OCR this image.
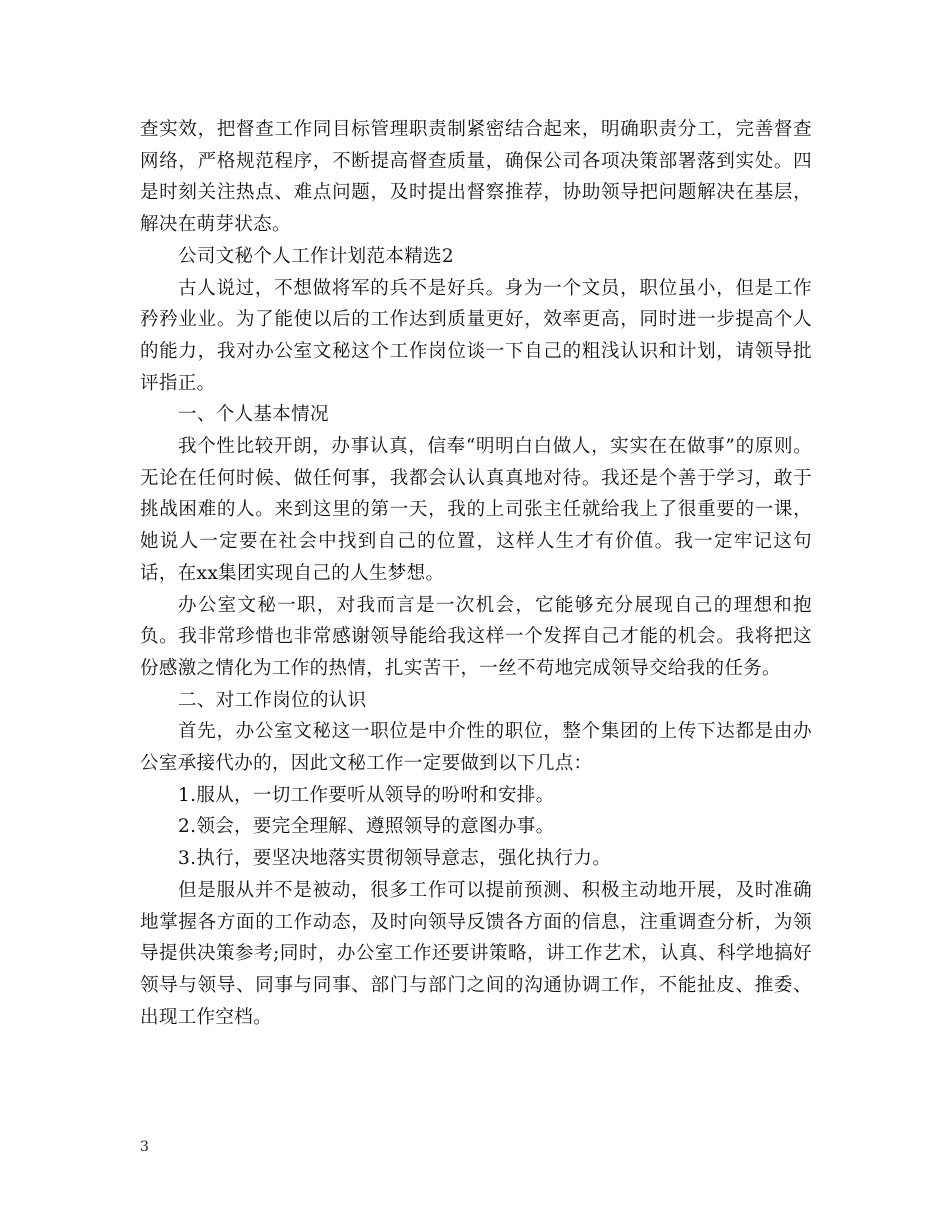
查实效，把督查工作同目标管理职责制紧密结合起来，明确职责分工，完善督查网络，严格规范程序，不断提高督查质量，确保公司各项决策部署落到实处。四是时刻关注热点、难点问题，及时提出督察推荐，协助领导把问题解决在基层，解决在萌芽状态。

公司文秘个人工作计划范本精选2

古人说过，不想做将军的兵不是好兵。身为一个文员，职位虽小，但是工作矜矜业业。为了能使以后的工作达到质量更好，效率更高，同时进一步提高个人的能力，我对办公室文秘这个工作岗位谈一下自己的粗浅认识和计划，请领导批评指正。

一、个人基本情况

我个性比较开朗，办事认真，信奉“明明白白做人，实实在在做事”的原则。无论在任何时候、做任何事，我都会认认真真地对待。我还是个善于学习，敢于挑战困难的人。来到这里的第一天，我的上司张主任就给我上了很重要的一课，她说人一定要在社会中找到自己的位置，这样人生才有价值。我一定牢记这句话，在xx集团实现自己的人生梦想。

办公室文秘一职，对我而言是一次机会，它能够充分展现自己的理想和抱负。我非常珍惜也非常感谢领导能给我这样一个发挥自己才能的机会。我将把这份感激之情化为工作的热情，扎实苦干，一丝不苟地完成领导交给我的任务。

二、对工作岗位的认识

首先，办公室文秘这一职位是中介性的职位，整个集团的上传下达都是由办公室承接代办的，因此文秘工作一定要做到以下几点：

1.服从，一切工作要听从领导的吩咐和安排。

2.领会，要完全理解、遵照领导的意图办事。

3.执行，要坚决地落实贯彻领导意志，强化执行力。

但是服从并不是被动，很多工作可以提前预测、积极主动地开展，及时准确地掌握各方面的工作动态，及时向领导反馈各方面的信息，注重调查分析，为领导提供决策参考;同时，办公室工作还要讲策略，讲工作艺术，认真、科学地搞好领导与领导、同事与同事、部门与部门之间的沟通协调工作，不能扯皮、推委、出现工作空档。

3
